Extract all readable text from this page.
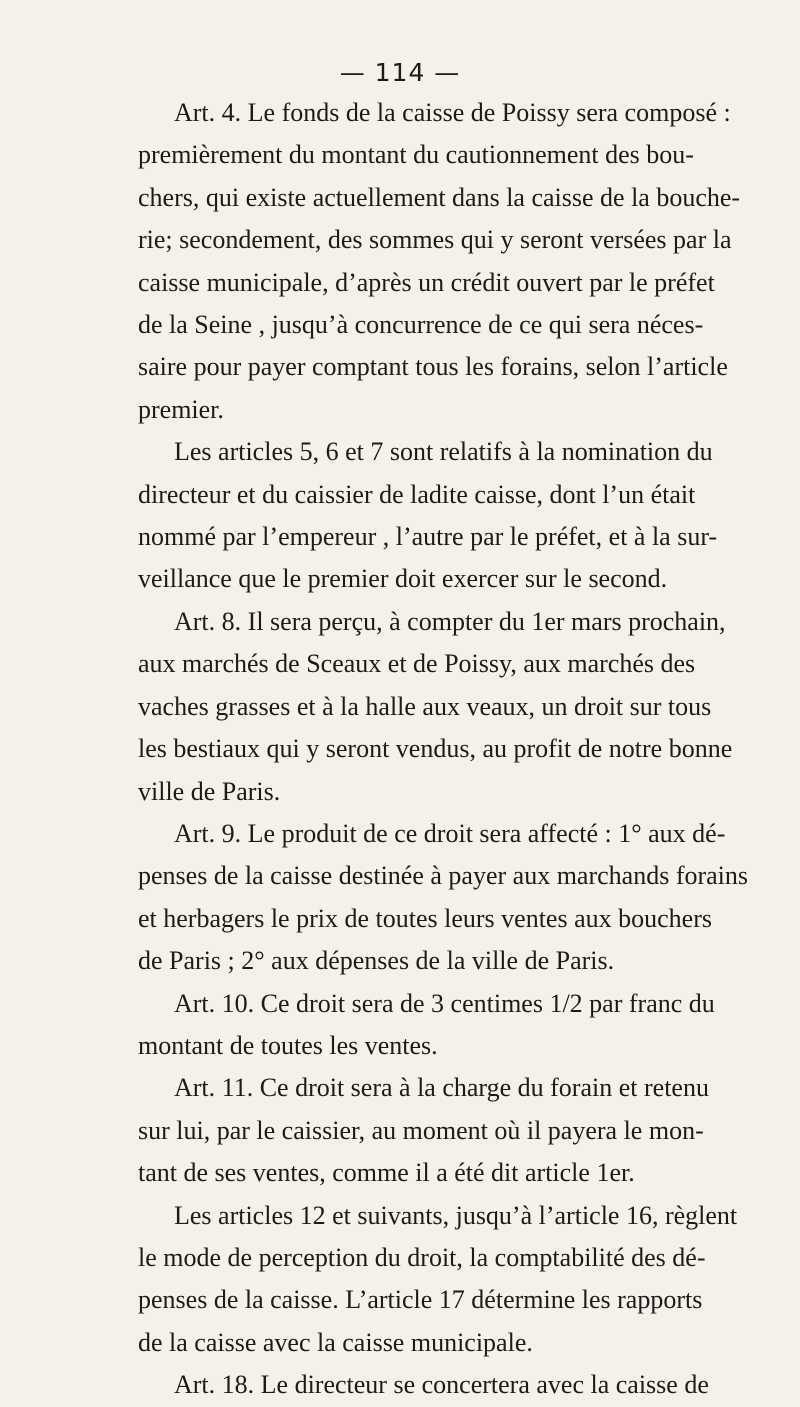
— 114 —
Art. 4. Le fonds de la caisse de Poissy sera composé :
premièrement du montant du cautionnement des bou-
chers, qui existe actuellement dans la caisse de la bouche-
rie; secondement, des sommes qui y seront versées par la
caisse municipale, d’après un crédit ouvert par le préfet
de la Seine , jusqu’à concurrence de ce qui sera néces-
saire pour payer comptant tous les forains, selon l’article
premier.
Les articles 5, 6 et 7 sont relatifs à la nomination du
directeur et du caissier de ladite caisse, dont l’un était
nommé par l’empereur , l’autre par le préfet, et à la sur-
veillance que le premier doit exercer sur le second.
Art. 8. Il sera perçu, à compter du 1er mars prochain,
aux marchés de Sceaux et de Poissy, aux marchés des
vaches grasses et à la halle aux veaux, un droit sur tous
les bestiaux qui y seront vendus, au profit de notre bonne
ville de Paris.
Art. 9. Le produit de ce droit sera affecté : 1° aux dé-
penses de la caisse destinée à payer aux marchands forains
et herbagers le prix de toutes leurs ventes aux bouchers
de Paris ; 2° aux dépenses de la ville de Paris.
Art. 10. Ce droit sera de 3 centimes 1/2 par franc du
montant de toutes les ventes.
Art. 11. Ce droit sera à la charge du forain et retenu
sur lui, par le caissier, au moment où il payera le mon-
tant de ses ventes, comme il a été dit article 1er.
Les articles 12 et suivants, jusqu’à l’article 16, règlent
le mode de perception du droit, la comptabilité des dé-
penses de la caisse. L’article 17 détermine les rapports
de la caisse avec la caisse municipale.
Art. 18. Le directeur se concertera avec la caisse de
